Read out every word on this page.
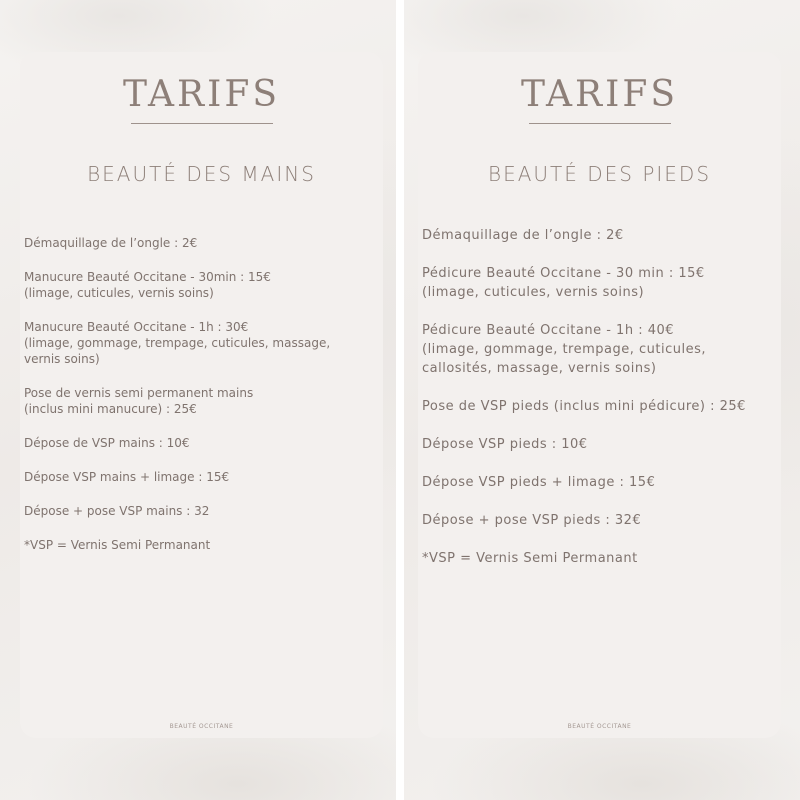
TARIFS
BEAUTÉ DES MAINS
Démaquillage de l’ongle : 2€
Manucure Beauté Occitane - 30min : 15€
(limage, cuticules, vernis soins)
Manucure Beauté Occitane - 1h : 30€
(limage, gommage, trempage, cuticules, massage,
vernis soins)
Pose de vernis semi permanent mains
(inclus mini manucure) : 25€
Dépose de VSP mains : 10€
Dépose VSP mains + limage : 15€
Dépose + pose VSP mains : 32
*VSP = Vernis Semi Permanant
BEAUTÉ OCCITANE
TARIFS
BEAUTÉ DES PIEDS
Démaquillage de l’ongle : 2€
Pédicure Beauté Occitane - 30 min : 15€
(limage, cuticules, vernis soins)
Pédicure Beauté Occitane - 1h : 40€
(limage, gommage, trempage, cuticules,
callosités, massage, vernis soins)
Pose de VSP pieds (inclus mini pédicure) : 25€
Dépose VSP pieds : 10€
Dépose VSP pieds + limage : 15€
Dépose + pose VSP pieds : 32€
*VSP = Vernis Semi Permanant
BEAUTÉ OCCITANE
